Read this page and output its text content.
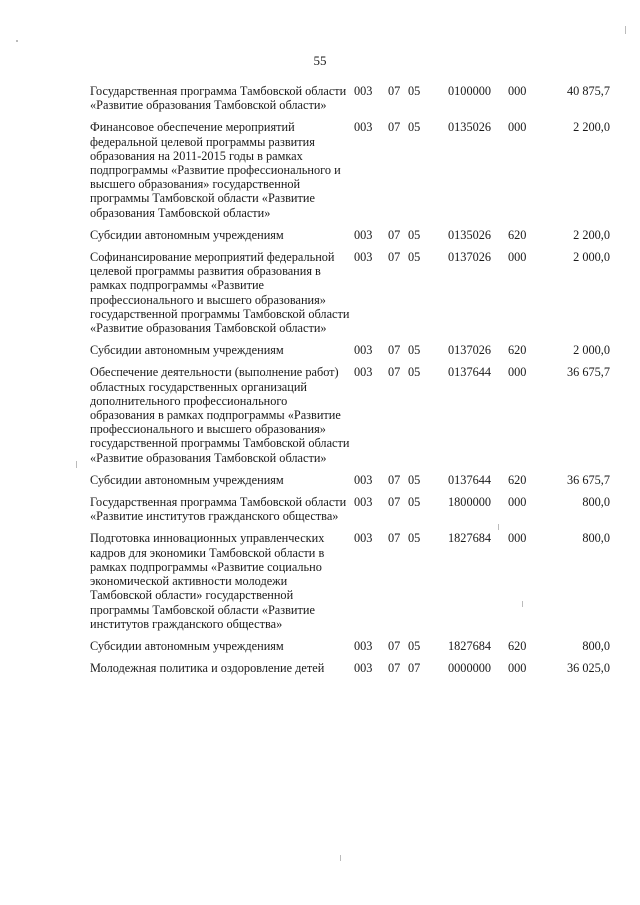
55
Государственная программа Тамбовской области «Развитие образования Тамбовской области»	003	07	05	0100000	000	40 875,7
Финансовое обеспечение мероприятий федеральной целевой программы развития образования на 2011-2015 годы в рамках подпрограммы «Развитие профессионального и высшего образования» государственной программы Тамбовской области «Развитие образования Тамбовской области»	003	07	05	0135026	000	2 200,0
Субсидии автономным учреждениям	003	07	05	0135026	620	2 200,0
Софинансирование мероприятий федеральной целевой программы развития образования в рамках подпрограммы «Развитие профессионального и высшего образования» государственной программы Тамбовской области «Развитие образования Тамбовской области»	003	07	05	0137026	000	2 000,0
Субсидии автономным учреждениям	003	07	05	0137026	620	2 000,0
Обеспечение деятельности (выполнение работ) областных государственных организаций дополнительного профессионального образования в рамках подпрограммы «Развитие профессионального и высшего образования» государственной программы Тамбовской области «Развитие образования Тамбовской области»	003	07	05	0137644	000	36 675,7
Субсидии автономным учреждениям	003	07	05	0137644	620	36 675,7
Государственная программа Тамбовской области «Развитие институтов гражданского общества»	003	07	05	1800000	000	800,0
Подготовка инновационных управленческих кадров для экономики Тамбовской области в рамках подпрограммы «Развитие социально экономической активности молодежи Тамбовской области» государственной программы Тамбовской области «Развитие институтов гражданского общества»	003	07	05	1827684	000	800,0
Субсидии автономным учреждениям	003	07	05	1827684	620	800,0
Молодежная политика и оздоровление детей	003	07	07	0000000	000	36 025,0
